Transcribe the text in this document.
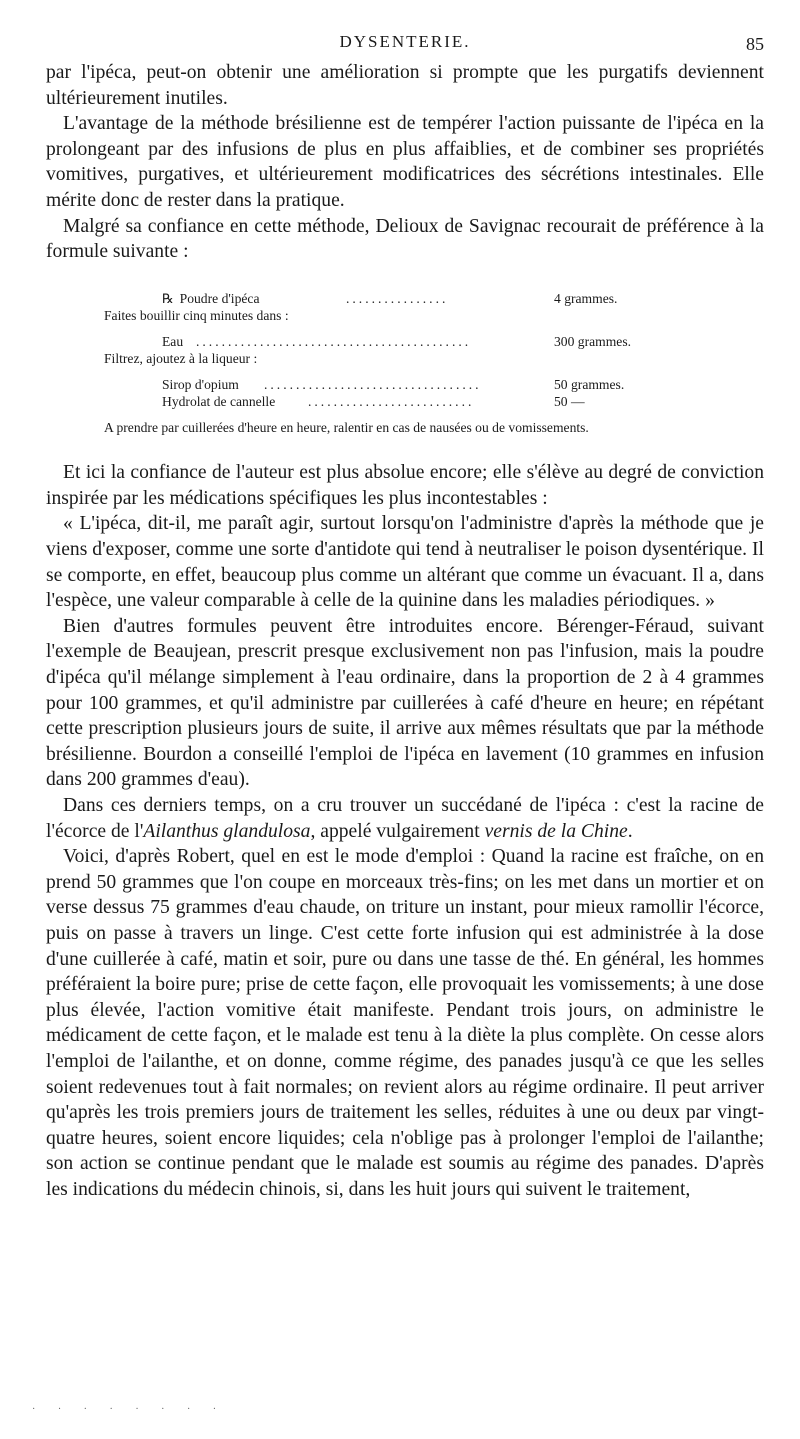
DYSENTERIE.	85

par l'ipéca, peut-on obtenir une amélioration si prompte que les purgatifs deviennent ultérieurement inutiles.

L'avantage de la méthode brésilienne est de tempérer l'action puissante de l'ipéca en la prolongeant par des infusions de plus en plus affaiblies, et de combiner ses propriétés vomitives, purgatives, et ultérieurement modificatrices des sécrétions intestinales. Elle mérite donc de rester dans la pratique.

Malgré sa confiance en cette méthode, Delioux de Savignac recourait de préférence à la formule suivante :

℞ Poudre d'ipéca	................	4 grammes.
Faites bouillir cinq minutes dans :
Eau ...........................................	300 grammes.
Filtrez, ajoutez à la liqueur :
Sirop d'opium ..................................	50 grammes.
Hydrolat de cannelle ..........................	50 —
A prendre par cuillerées d'heure en heure, ralentir en cas de nausées ou de vomissements.

Et ici la confiance de l'auteur est plus absolue encore; elle s'élève au degré de conviction inspirée par les médications spécifiques les plus incontestables :

« L'ipéca, dit-il, me paraît agir, surtout lorsqu'on l'administre d'après la méthode que je viens d'exposer, comme une sorte d'antidote qui tend à neutraliser le poison dysentérique. Il se comporte, en effet, beaucoup plus comme un altérant que comme un évacuant. Il a, dans l'espèce, une valeur comparable à celle de la quinine dans les maladies périodiques. »

Bien d'autres formules peuvent être introduites encore. Bérenger-Féraud, suivant l'exemple de Beaujean, prescrit presque exclusivement non pas l'infusion, mais la poudre d'ipéca qu'il mélange simplement à l'eau ordinaire, dans la proportion de 2 à 4 grammes pour 100 grammes, et qu'il administre par cuillerées à café d'heure en heure; en répétant cette prescription plusieurs jours de suite, il arrive aux mêmes résultats que par la méthode brésilienne. Bourdon a conseillé l'emploi de l'ipéca en lavement (10 grammes en infusion dans 200 grammes d'eau).

Dans ces derniers temps, on a cru trouver un succédané de l'ipéca : c'est la racine de l'écorce de l'Ailanthus glandulosa, appelé vulgairement vernis de la Chine.

Voici, d'après Robert, quel en est le mode d'emploi : Quand la racine est fraîche, on en prend 50 grammes que l'on coupe en morceaux très-fins; on les met dans un mortier et on verse dessus 75 grammes d'eau chaude, on triture un instant, pour mieux ramollir l'écorce, puis on passe à travers un linge. C'est cette forte infusion qui est administrée à la dose d'une cuillerée à café, matin et soir, pure ou dans une tasse de thé. En général, les hommes préféraient la boire pure; prise de cette façon, elle provoquait les vomissements; à une dose plus élevée, l'action vomitive était manifeste. Pendant trois jours, on administre le médicament de cette façon, et le malade est tenu à la diète la plus complète. On cesse alors l'emploi de l'ailanthe, et on donne, comme régime, des panades jusqu'à ce que les selles soient redevenues tout à fait normales; on revient alors au régime ordinaire. Il peut arriver qu'après les trois premiers jours de traitement les selles, réduites à une ou deux par vingt-quatre heures, soient encore liquides; cela n'oblige pas à prolonger l'emploi de l'ailanthe; son action se continue pendant que le malade est soumis au régime des panades. D'après les indications du médecin chinois, si, dans les huit jours qui suivent le traitement,

· · · · · · · ·
